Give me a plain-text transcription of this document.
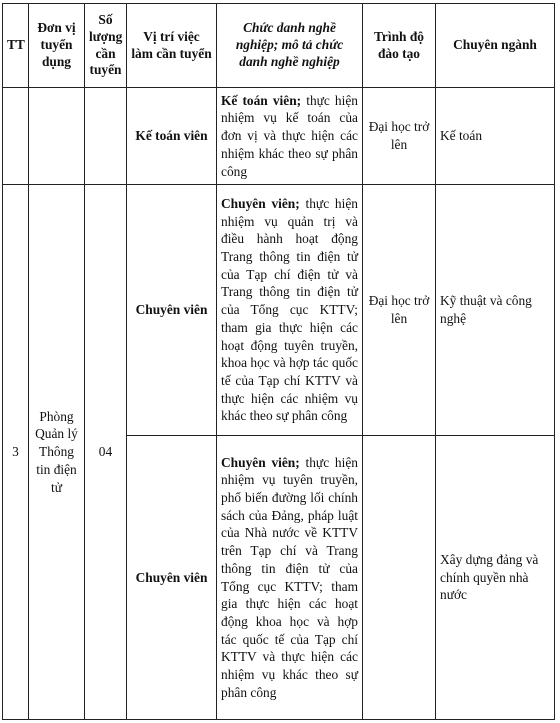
TT	Đơn vị tuyển dụng	Số lượng cần tuyển	Vị trí việc làm cần tuyển	Chức danh nghề nghiệp; mô tả chức danh nghề nghiệp	Trình độ đào tạo	Chuyên ngành
			Kế toán viên	Kế toán viên; thực hiện nhiệm vụ kế toán của đơn vị và thực hiện các nhiệm khác theo sự phân công	Đại học trở lên	Kế toán
3	Phòng Quản lý Thông tin điện tử	04	Chuyên viên	Chuyên viên; thực hiện nhiệm vụ quản trị và điều hành hoạt động Trang thông tin điện tử của Tạp chí điện tử và Trang thông tin điện tử của Tổng cục KTTV; tham gia thực hiện các hoạt động tuyên truyền, khoa học và hợp tác quốc tế của Tạp chí KTTV và thực hiện các nhiệm vụ khác theo sự phân công	Đại học trở lên	Kỹ thuật và công nghệ
			Chuyên viên	Chuyên viên; thực hiện nhiệm vụ tuyên truyền, phổ biến đường lối chính sách của Đảng, pháp luật của Nhà nước về KTTV trên Tạp chí và Trang thông tin điện tử của Tổng cục KTTV; tham gia thực hiện các hoạt động khoa học và hợp tác quốc tế của Tạp chí KTTV và thực hiện các nhiệm vụ khác theo sự phân công		Xây dựng đảng và chính quyền nhà nước
